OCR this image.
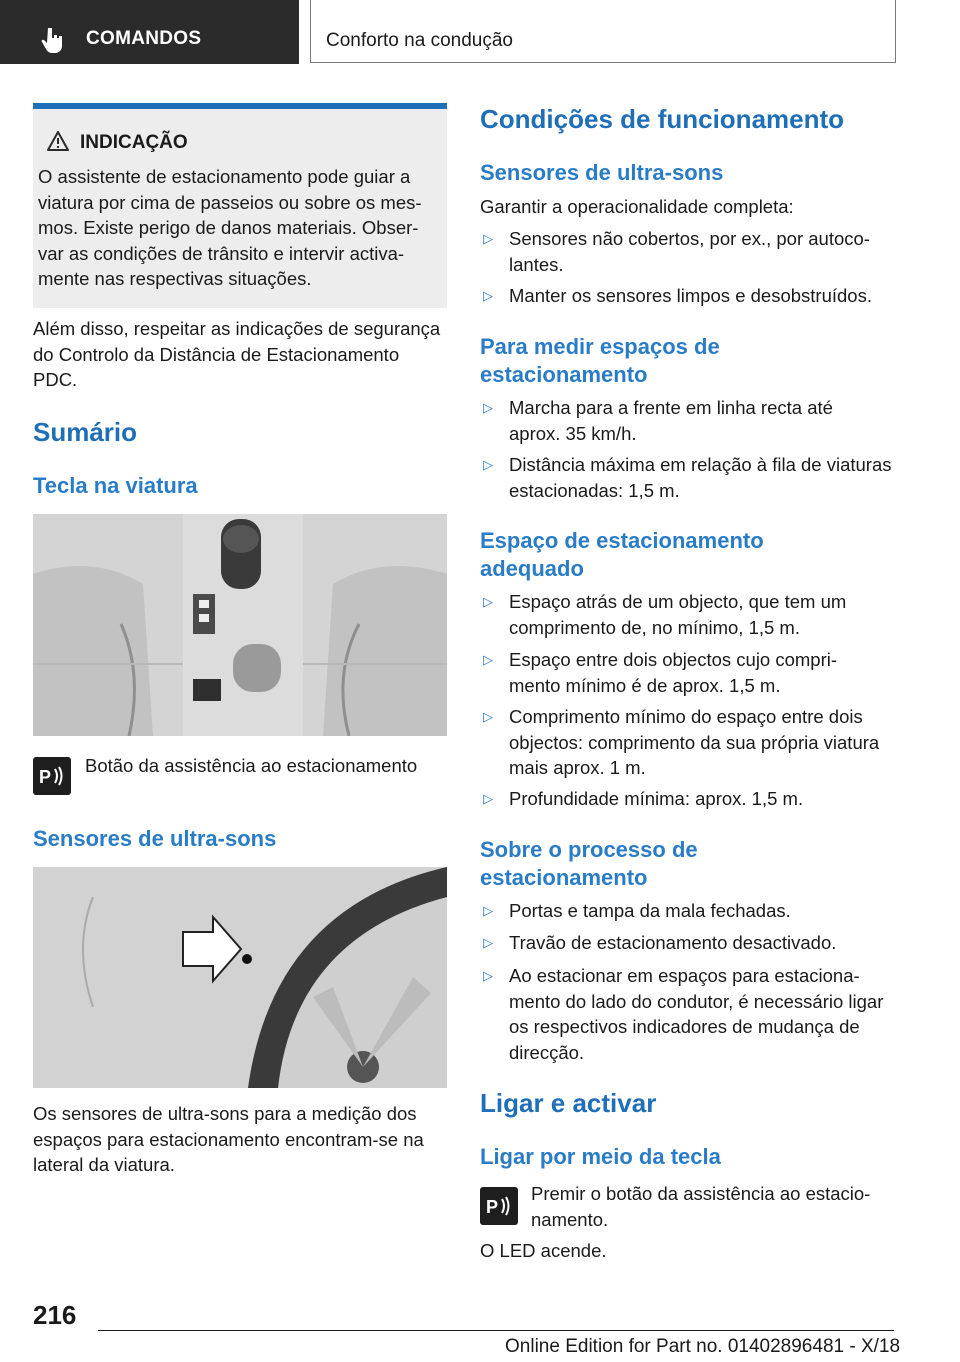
COMANDOS	Conforto na condução
INDICAÇÃO
O assistente de estacionamento pode guiar a
viatura por cima de passeios ou sobre os mes-
mos. Existe perigo de danos materiais. Obser-
var as condições de trânsito e intervir activa-
mente nas respectivas situações.
Além disso, respeitar as indicações de segurança
do Controlo da Distância de Estacionamento
PDC.
Sumário
Tecla na viatura
P
Botão da assistência ao estacionamento
Sensores de ultra-sons
Os sensores de ultra-sons para a medição dos
espaços para estacionamento encontram-se na
lateral da viatura.
Condições de funcionamento
Sensores de ultra-sons
Garantir a operacionalidade completa:
▷ Sensores não cobertos, por ex., por autoco-
lantes.
▷ Manter os sensores limpos e desobstruídos.
Para medir espaços de
estacionamento
▷ Marcha para a frente em linha recta até
aprox. 35 km/h.
▷ Distância máxima em relação à fila de viaturas
estacionadas: 1,5 m.
Espaço de estacionamento
adequado
▷ Espaço atrás de um objecto, que tem um
comprimento de, no mínimo, 1,5 m.
▷ Espaço entre dois objectos cujo compri-
mento mínimo é de aprox. 1,5 m.
▷ Comprimento mínimo do espaço entre dois
objectos: comprimento da sua própria viatura
mais aprox. 1 m.
▷ Profundidade mínima: aprox. 1,5 m.
Sobre o processo de
estacionamento
▷ Portas e tampa da mala fechadas.
▷ Travão de estacionamento desactivado.
▷ Ao estacionar em espaços para estaciona-
mento do lado do condutor, é necessário ligar
os respectivos indicadores de mudança de
direcção.
Ligar e activar
Ligar por meio da tecla
P
Premir o botão da assistência ao estacio-
namento.
O LED acende.
216
Online Edition for Part no. 01402896481 - X/18
